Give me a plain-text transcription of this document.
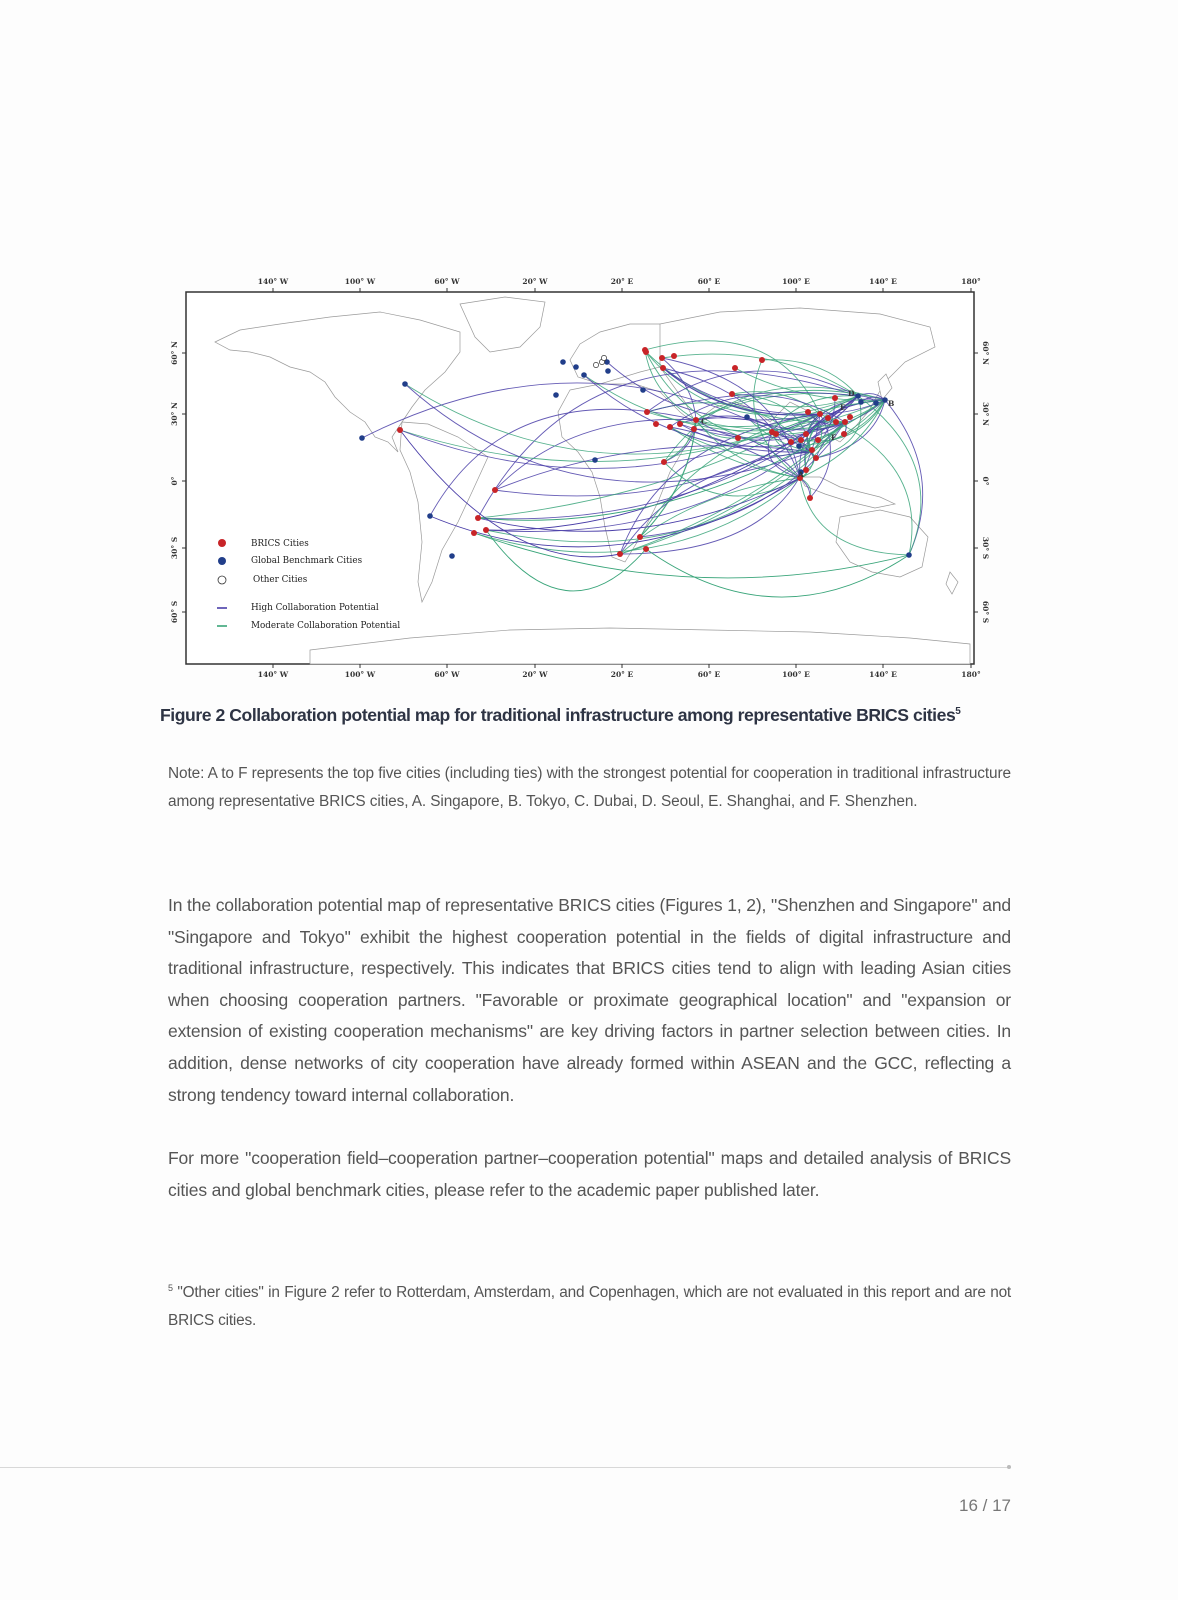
140° W	100° W	60° W	20° W	20° E	60° E	100° E	140° E	180°
140° W	100° W	60° W	20° W	20° E	60° E	100° E	140° E	180°
60° N
30° N
0°
30° S
60° S
60° N
30° N
0°
30° S
60° S
A
B
C
D
E
F
BRICS Cities
Global Benchmark Cities
Other Cities
High Collaboration Potential
Moderate Collaboration Potential
Figure 2 Collaboration potential map for traditional infrastructure among representative BRICS cities$^5$
Note: A to F represents the top five cities (including ties) with the strongest potential for cooperation in traditional infrastructure among representative BRICS cities, A. Singapore, B. Tokyo, C. Dubai, D. Seoul, E. Shanghai, and F. Shenzhen.
In the collaboration potential map of representative BRICS cities (Figures 1, 2), "Shenzhen and Singapore" and "Singapore and Tokyo" exhibit the highest cooperation potential in the fields of digital infrastructure and traditional infrastructure, respectively. This indicates that BRICS cities tend to align with leading Asian cities when choosing cooperation partners. "Favorable or proximate geographical location" and "expansion or extension of existing cooperation mechanisms" are key driving factors in partner selection between cities. In addition, dense networks of city cooperation have already formed within ASEAN and the GCC, reflecting a strong tendency toward internal collaboration.
For more "cooperation field–cooperation partner–cooperation potential" maps and detailed analysis of BRICS cities and global benchmark cities, please refer to the academic paper published later.
$^5$ "Other cities" in Figure 2 refer to Rotterdam, Amsterdam, and Copenhagen, which are not evaluated in this report and are not BRICS cities.
16 / 17
